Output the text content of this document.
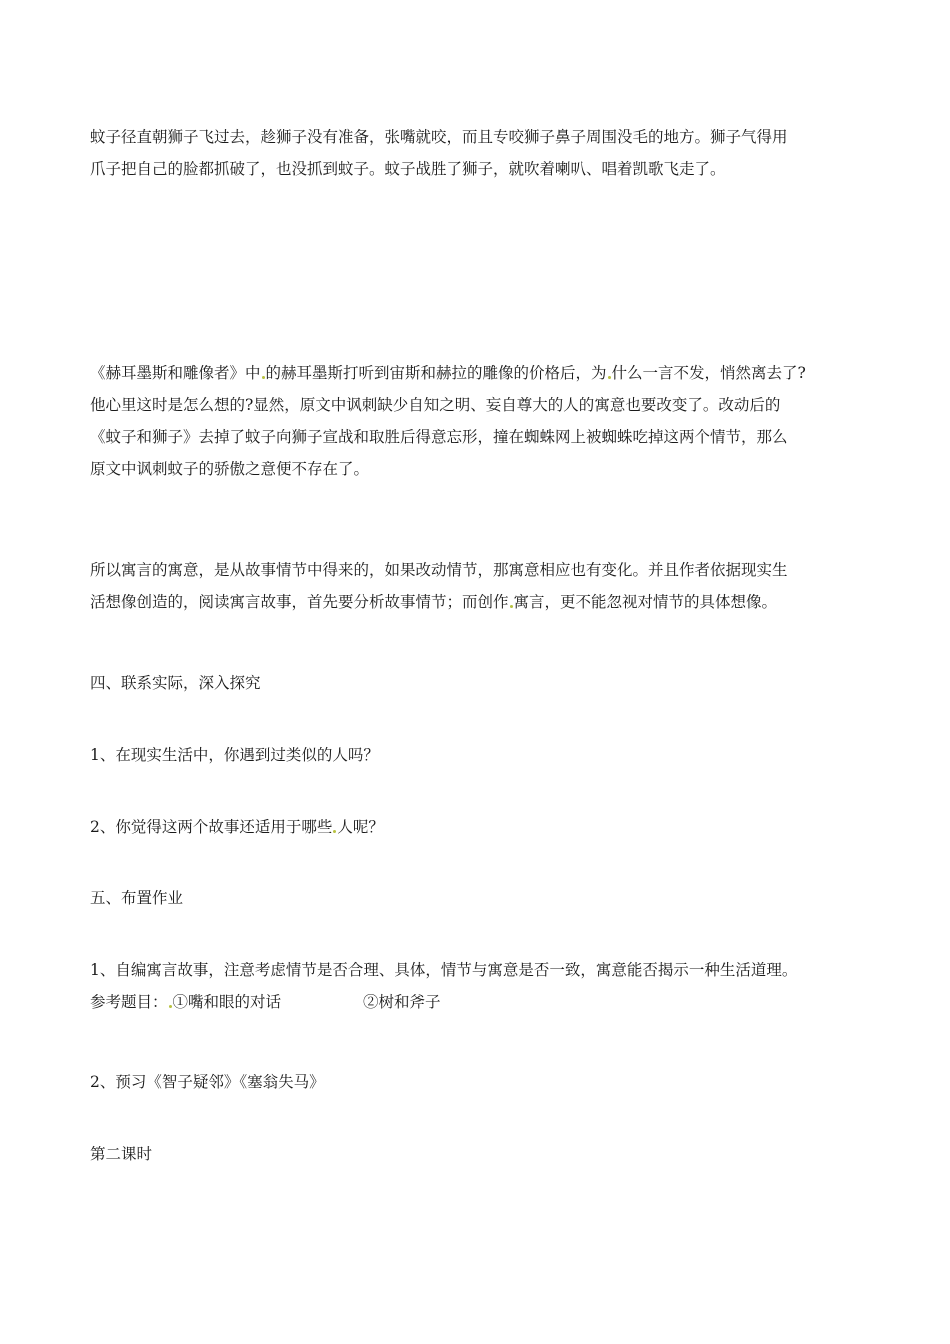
蚊子径直朝狮子飞过去，趁狮子没有准备，张嘴就咬，而且专咬狮子鼻子周围没毛的地方。狮子气得用
爪子把自己的脸都抓破了，也没抓到蚊子。蚊子战胜了狮子，就吹着喇叭、唱着凯歌飞走了。
《赫耳墨斯和雕像者》中 的赫耳墨斯打听到宙斯和赫拉的雕像的价格后，为 什么一言不发，悄然离去了?
他心里这时是怎么想的?显然，原文中讽刺缺少自知之明、妄自尊大的人的寓意也要改变了。改动后的
《蚊子和狮子》去掉了蚊子向狮子宣战和取胜后得意忘形，撞在蜘蛛网上被蜘蛛吃掉这两个情节，那么
原文中讽刺蚊子的骄傲之意便不存在了。
所以寓言的寓意，是从故事情节中得来的，如果改动情节，那寓意相应也有变化。并且作者依据现实生
活想像创造的，阅读寓言故事，首先要分析故事情节；而创作 寓言，更不能忽视对情节的具体想像。
四、联系实际，深入探究
1、在现实生活中，你遇到过类似的人吗？
2、你觉得这两个故事还适用于哪些 人呢？
五、布置作业
1、自编寓言故事，注意考虑情节是否合理、具体，情节与寓意是否一致，寓意能否揭示一种生活道理。
参考题目： ①嘴和眼的对话	②树和斧子
2、预习《智子疑邻》《塞翁失马》
第二课时
